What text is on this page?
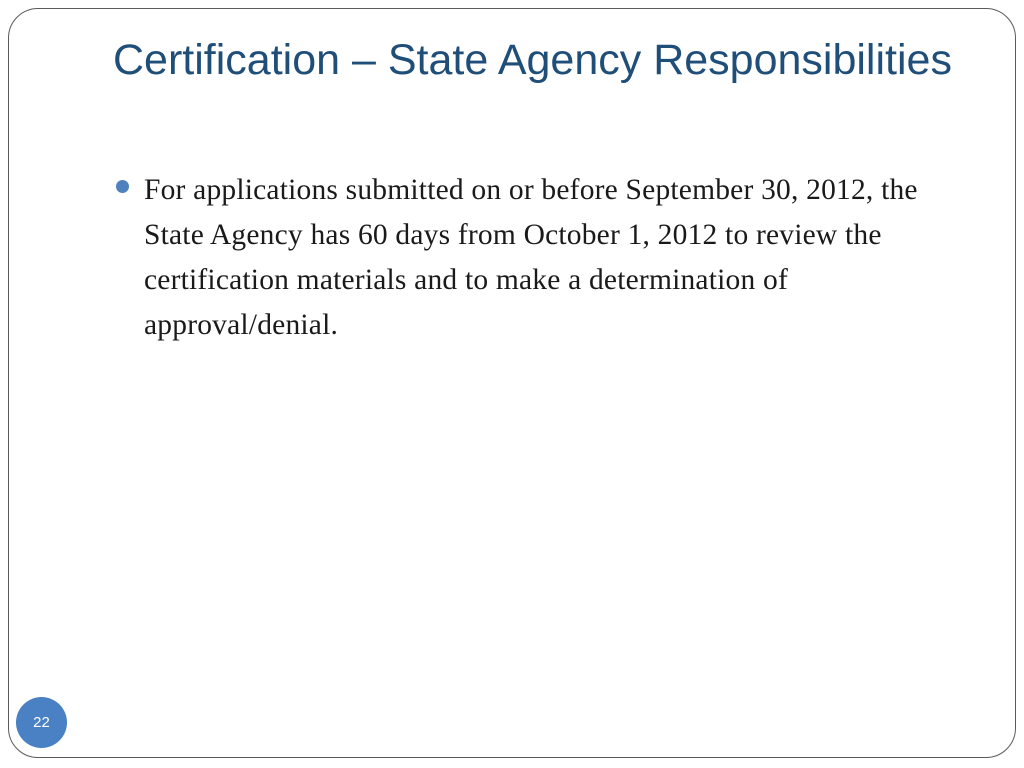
Certification – State Agency Responsibilities
For applications submitted on or before September 30, 2012, the State Agency has 60 days from October 1, 2012 to review the certification materials and to make a determination of approval/denial.
22
